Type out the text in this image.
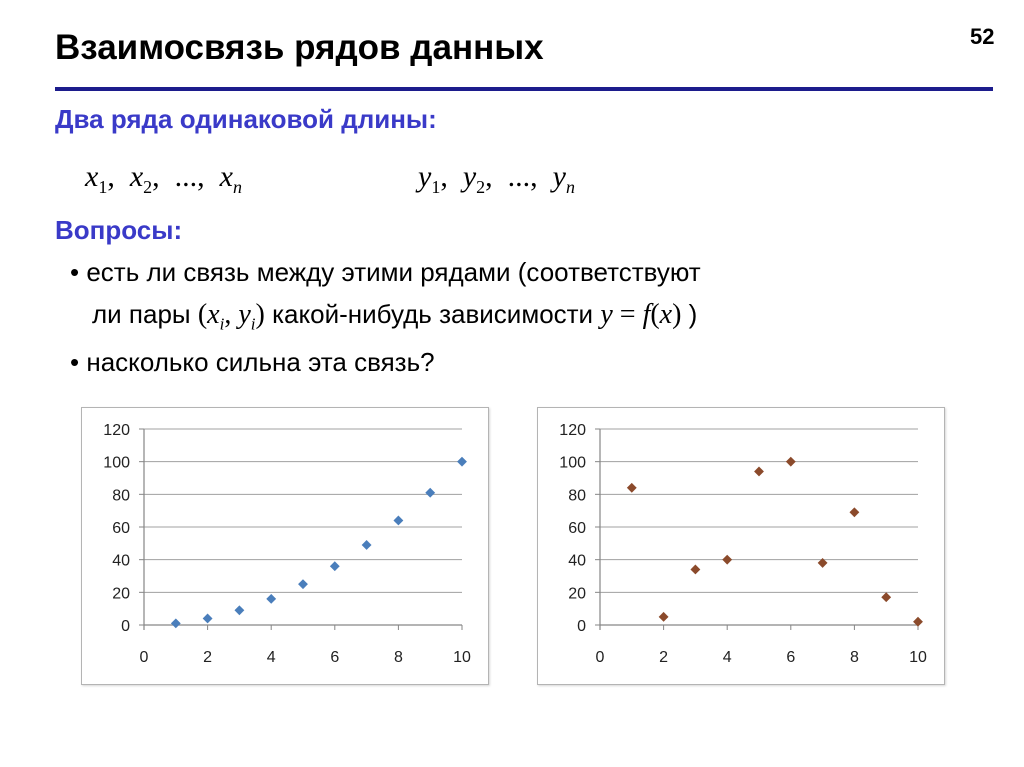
Взаимосвязь рядов данных	52
Два ряда одинаковой длины:
$x_1$,  $x_2$,  ..., $x_n$	$y_1$,  $y_2$,  ..., $y_n$
Вопросы:
• есть ли связь между этими рядами (соответствуют
ли пары ($x_i$, $y_i$) какой-нибудь зависимости y = f(x) )
• насколько сильна эта связь?
0
20
40
60
80
100
120
0	2	4	6	8	10
0
20
40
60
80
100
120
0	2	4	6	8	10
